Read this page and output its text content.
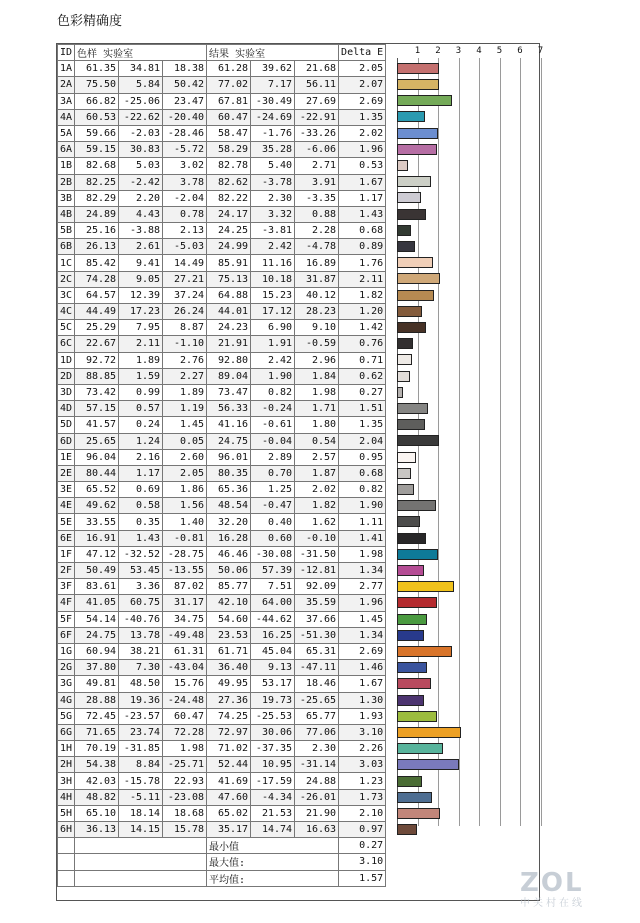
色彩精确度
ID	色样 实验室			结果 实验室			Delta E
1A	61.35	34.81	18.38	61.28	39.62	21.68	2.05
2A	75.50	5.84	50.42	77.02	7.17	56.11	2.07
3A	66.82	-25.06	23.47	67.81	-30.49	27.69	2.69
4A	60.53	-22.62	-20.40	60.47	-24.69	-22.91	1.35
5A	59.66	-2.03	-28.46	58.47	-1.76	-33.26	2.02
6A	59.15	30.83	-5.72	58.29	35.28	-6.06	1.96
1B	82.68	5.03	3.02	82.78	5.40	2.71	0.53
2B	82.25	-2.42	3.78	82.62	-3.78	3.91	1.67
3B	82.29	2.20	-2.04	82.22	2.30	-3.35	1.17
4B	24.89	4.43	0.78	24.17	3.32	0.88	1.43
5B	25.16	-3.88	2.13	24.25	-3.81	2.28	0.68
6B	26.13	2.61	-5.03	24.99	2.42	-4.78	0.89
1C	85.42	9.41	14.49	85.91	11.16	16.89	1.76
2C	74.28	9.05	27.21	75.13	10.18	31.87	2.11
3C	64.57	12.39	37.24	64.88	15.23	40.12	1.82
4C	44.49	17.23	26.24	44.01	17.12	28.23	1.20
5C	25.29	7.95	8.87	24.23	6.90	9.10	1.42
6C	22.67	2.11	-1.10	21.91	1.91	-0.59	0.76
1D	92.72	1.89	2.76	92.80	2.42	2.96	0.71
2D	88.85	1.59	2.27	89.04	1.90	1.84	0.62
3D	73.42	0.99	1.89	73.47	0.82	1.98	0.27
4D	57.15	0.57	1.19	56.33	-0.24	1.71	1.51
5D	41.57	0.24	1.45	41.16	-0.61	1.80	1.35
6D	25.65	1.24	0.05	24.75	-0.04	0.54	2.04
1E	96.04	2.16	2.60	96.01	2.89	2.57	0.95
2E	80.44	1.17	2.05	80.35	0.70	1.87	0.68
3E	65.52	0.69	1.86	65.36	1.25	2.02	0.82
4E	49.62	0.58	1.56	48.54	-0.47	1.82	1.90
5E	33.55	0.35	1.40	32.20	0.40	1.62	1.11
6E	16.91	1.43	-0.81	16.28	0.60	-0.10	1.41
1F	47.12	-32.52	-28.75	46.46	-30.08	-31.50	1.98
2F	50.49	53.45	-13.55	50.06	57.39	-12.81	1.34
3F	83.61	3.36	87.02	85.77	7.51	92.09	2.77
4F	41.05	60.75	31.17	42.10	64.00	35.59	1.96
5F	54.14	-40.76	34.75	54.60	-44.62	37.66	1.45
6F	24.75	13.78	-49.48	23.53	16.25	-51.30	1.34
1G	60.94	38.21	61.31	61.71	45.04	65.31	2.69
2G	37.80	7.30	-43.04	36.40	9.13	-47.11	1.46
3G	49.81	48.50	15.76	49.95	53.17	18.46	1.67
4G	28.88	19.36	-24.48	27.36	19.73	-25.65	1.30
5G	72.45	-23.57	60.47	74.25	-25.53	65.77	1.93
6G	71.65	23.74	72.28	72.97	30.06	77.06	3.10
1H	70.19	-31.85	1.98	71.02	-37.35	2.30	2.26
2H	54.38	8.84	-25.71	52.44	10.95	-31.14	3.03
3H	42.03	-15.78	22.93	41.69	-17.59	24.88	1.23
4H	48.82	-5.11	-23.08	47.60	-4.34	-26.01	1.73
5H	65.10	18.14	18.68	65.02	21.53	21.90	2.10
6H	36.13	14.15	15.78	35.17	14.74	16.63	0.97
				最小值			0.27
				最大值:			3.10
				平均值:			1.57
1 2 3 4 5 6 7
ZOL
中关村在线
